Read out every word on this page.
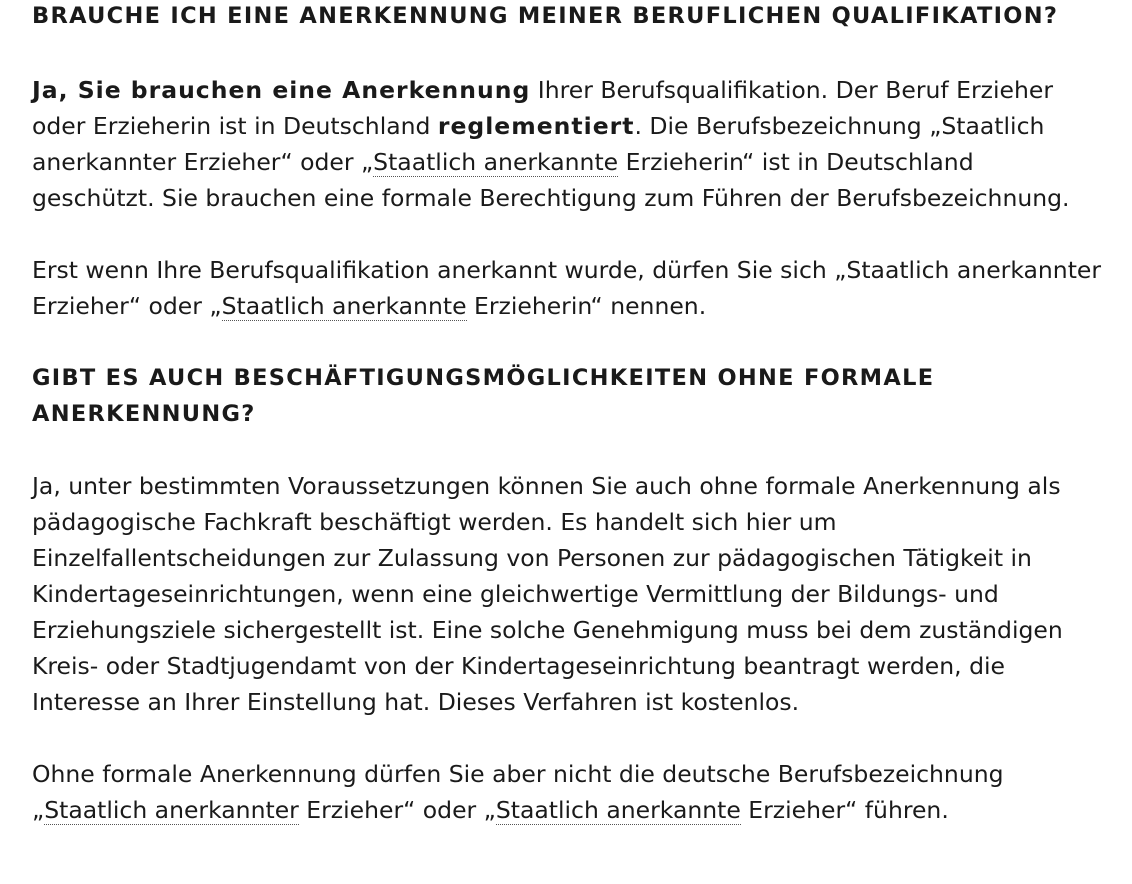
BRAUCHE ICH EINE ANERKENNUNG MEINER BERUFLICHEN QUALIFIKATION?

Ja, Sie brauchen eine Anerkennung Ihrer Berufsqualifikation. Der Beruf Erzieher oder Erzieherin ist in Deutschland reglementiert. Die Berufsbezeichnung „Staatlich anerkannter Erzieher“ oder „Staatlich anerkannte Erzieherin“ ist in Deutschland geschützt. Sie brauchen eine formale Berechtigung zum Führen der Berufsbezeichnung.

Erst wenn Ihre Berufsqualifikation anerkannt wurde, dürfen Sie sich „Staatlich anerkannter Erzieher“ oder „Staatlich anerkannte Erzieherin“ nennen.

GIBT ES AUCH BESCHÄFTIGUNGSMÖGLICHKEITEN OHNE FORMALE ANERKENNUNG?

Ja, unter bestimmten Voraussetzungen können Sie auch ohne formale Anerkennung als pädagogische Fachkraft beschäftigt werden. Es handelt sich hier um Einzelfallentscheidungen zur Zulassung von Personen zur pädagogischen Tätigkeit in Kindertageseinrichtungen, wenn eine gleichwertige Vermittlung der Bildungs- und Erziehungsziele sichergestellt ist. Eine solche Genehmigung muss bei dem zuständigen Kreis- oder Stadtjugendamt von der Kindertageseinrichtung beantragt werden, die Interesse an Ihrer Einstellung hat. Dieses Verfahren ist kostenlos.

Ohne formale Anerkennung dürfen Sie aber nicht die deutsche Berufsbezeichnung „Staatlich anerkannter Erzieher“ oder „Staatlich anerkannte Erzieher“ führen.
